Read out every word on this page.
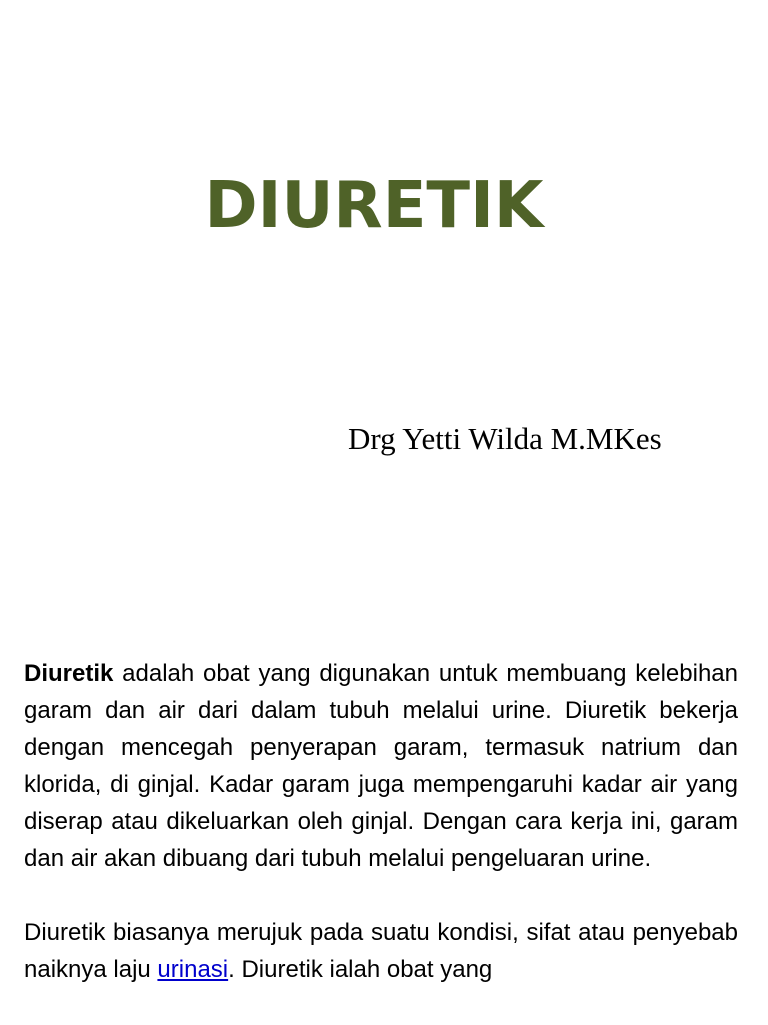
DIURETIK
Drg Yetti Wilda M.MKes

Diuretik adalah obat yang digunakan untuk membuang kelebihan garam dan air dari dalam tubuh melalui urine. Diuretik bekerja dengan mencegah penyerapan garam, termasuk natrium dan klorida, di ginjal. Kadar garam juga mempengaruhi kadar air yang diserap atau dikeluarkan oleh ginjal. Dengan cara kerja ini, garam dan air akan dibuang dari tubuh melalui pengeluaran urine.

Diuretik biasanya merujuk pada suatu kondisi, sifat atau penyebab naiknya laju urinasi. Diuretik ialah obat yang
